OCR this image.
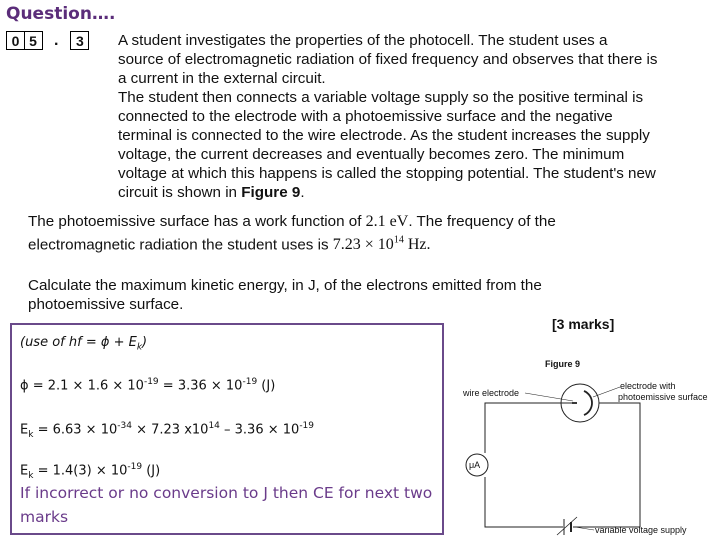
Question….
0 5	.	3	A student investigates the properties of the photocell. The student uses a
source of electromagnetic radiation of fixed frequency and observes that there is
a current in the external circuit.
The student then connects a variable voltage supply so the positive terminal is
connected to the electrode with a photoemissive surface and the negative
terminal is connected to the wire electrode. As the student increases the supply
voltage, the current decreases and eventually becomes zero. The minimum
voltage at which this happens is called the stopping potential. The student's new
circuit is shown in Figure 9.
The photoemissive surface has a work function of 2.1 eV. The frequency of the
electromagnetic radiation the student uses is $7.23 \times 10^{14}$ Hz.
Calculate the maximum kinetic energy, in J, of the electrons emitted from the
photoemissive surface.
[3 marks]
(use of hf = $\phi + E_k$)
$\phi = 2.1 \times 1.6 \times 10^{-19} = 3.36 \times 10^{-19}$ (J)
$E_k = 6.63 \times 10^{-34} \times 7.23$ $x10^{14} - 3.36 \times 10^{-19}$
$E_k = 1.4(3) \times 10^{-19}$ (J)
If incorrect or no conversion to J then CE for next two marks
Figure 9
μA
wire electrode
electrode with
photoemissive surface
variable voltage supply
